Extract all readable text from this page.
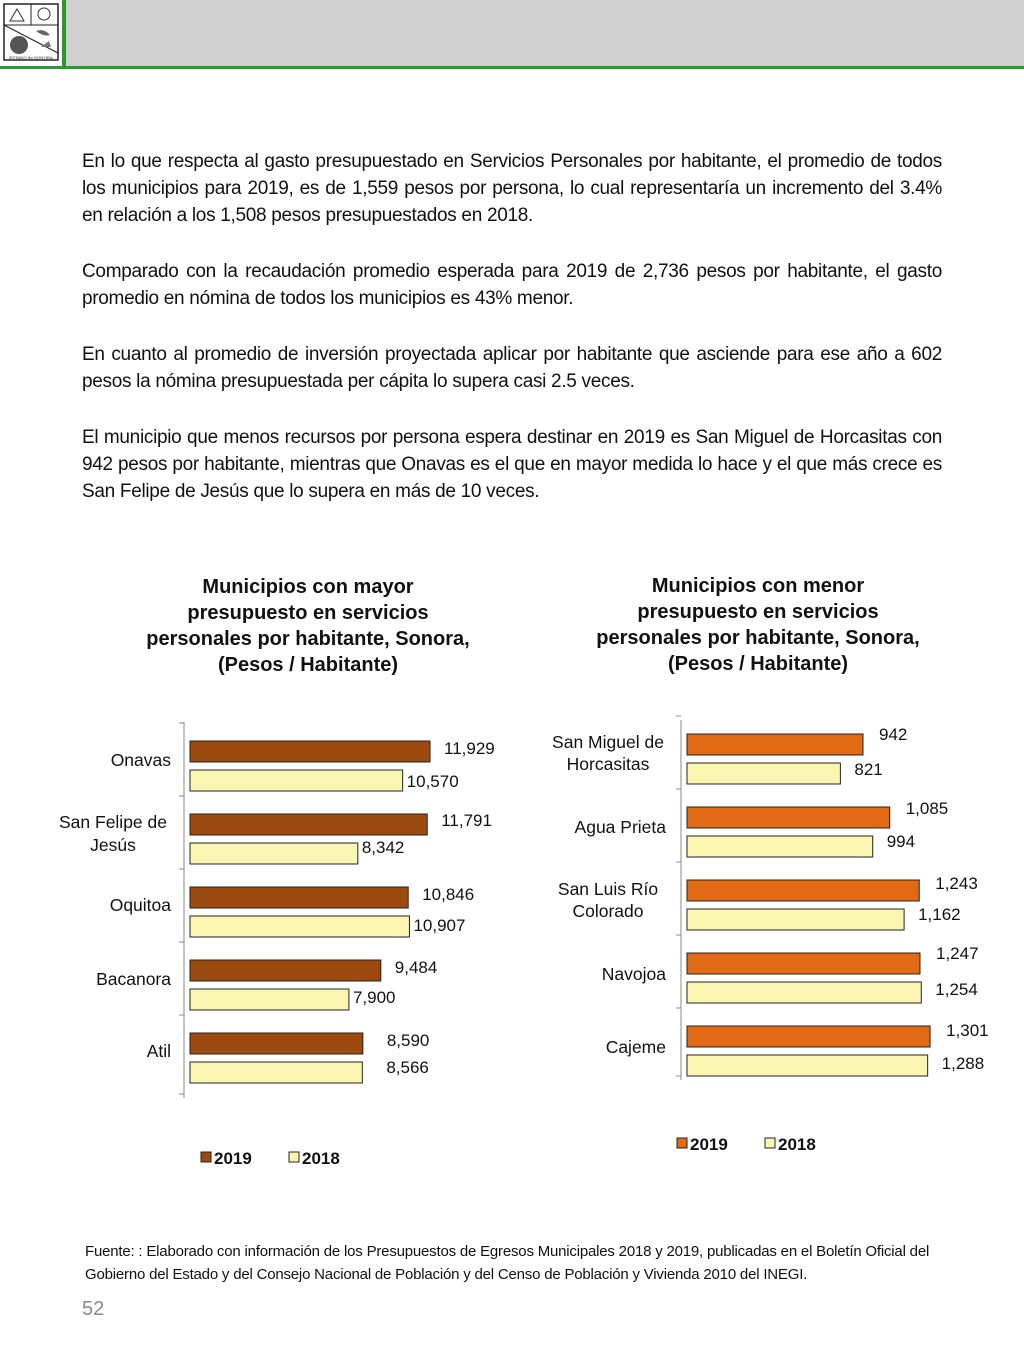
ESTADO de SONORA
En lo que respecta al gasto presupuestado en Servicios Personales por habitante, el promedio de todos los municipios para 2019, es de 1,559 pesos por persona, lo cual representaría un incremento del 3.4% en relación a los 1,508 pesos presupuestados en 2018.
Comparado con la recaudación promedio esperada para 2019 de 2,736 pesos por habitante, el gasto promedio en nómina de todos los municipios es 43% menor.
En cuanto al promedio de inversión proyectada aplicar por habitante que asciende para ese año a 602 pesos la nómina presupuestada per cápita lo supera casi 2.5 veces.
El municipio que menos recursos por persona espera destinar en 2019 es San Miguel de Horcasitas con 942 pesos por habitante, mientras que Onavas es el que en mayor medida lo hace y el que más crece es San Felipe de Jesús que lo supera en más de 10 veces.
Municipios con mayor
presupuesto en servicios
personales por habitante, Sonora,
(Pesos / Habitante)
Municipios con menor
presupuesto en servicios
personales por habitante, Sonora,
(Pesos / Habitante)
11,929
10,570
Onavas
11,791
8,342
San Felipe de Jesús
10,846
10,907
Oquitoa
9,484
7,900
Bacanora
8,590
8,566
Atil
2019	2018
942
821
San Miguel de Horcasitas
1,085
994
Agua Prieta
1,243
1,162
San Luis Río Colorado
1,247
1,254
Navojoa
1,301
1,288
Cajeme
2019	2018
Fuente: : Elaborado con información de los Presupuestos de Egresos Municipales 2018 y 2019, publicadas en el Boletín Oficial del Gobierno del Estado y del Consejo Nacional de Población y del Censo de Población y Vivienda 2010 del INEGI.
52
